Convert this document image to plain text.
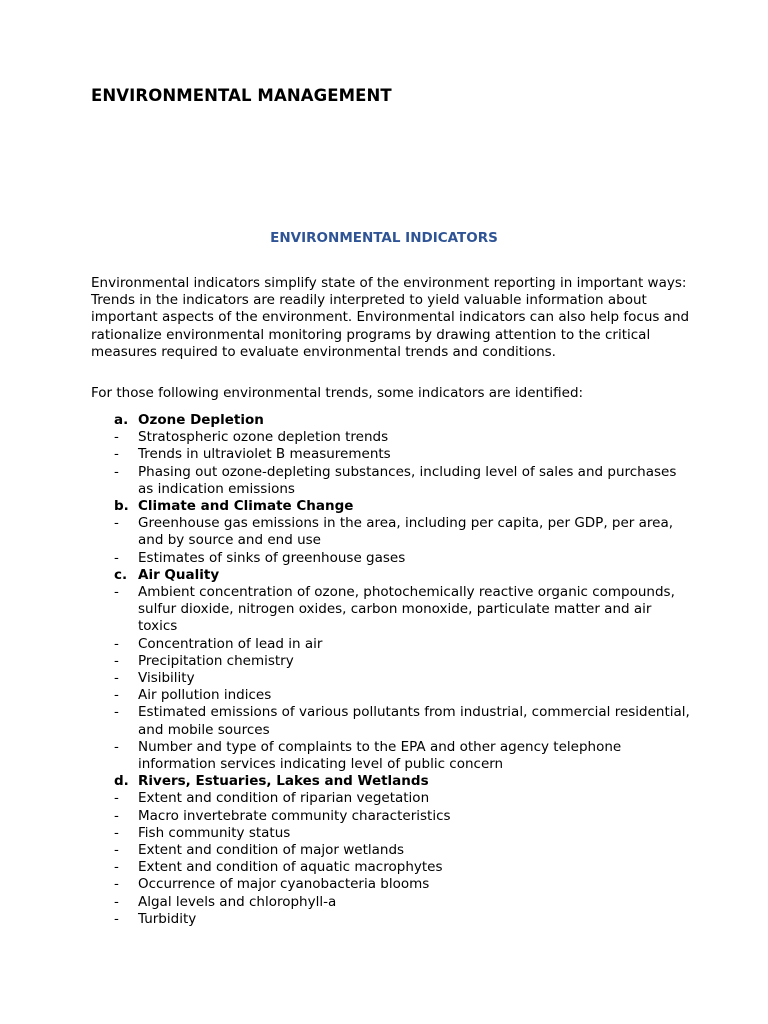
ENVIRONMENTAL MANAGEMENT
ENVIRONMENTAL INDICATORS

Environmental indicators simplify state of the environment reporting in important ways: Trends in the indicators are readily interpreted to yield valuable information about important aspects of the environment. Environmental indicators can also help focus and rationalize environmental monitoring programs by drawing attention to the critical measures required to evaluate environmental trends and conditions.

For those following environmental trends, some indicators are identified:

a. Ozone Depletion
- Stratospheric ozone depletion trends
- Trends in ultraviolet B measurements
- Phasing out ozone-depleting substances, including level of sales and purchases as indication emissions
b. Climate and Climate Change
- Greenhouse gas emissions in the area, including per capita, per GDP, per area, and by source and end use
- Estimates of sinks of greenhouse gases
c. Air Quality
- Ambient concentration of ozone, photochemically reactive organic compounds, sulfur dioxide, nitrogen oxides, carbon monoxide, particulate matter and air toxics
- Concentration of lead in air
- Precipitation chemistry
- Visibility
- Air pollution indices
- Estimated emissions of various pollutants from industrial, commercial residential, and mobile sources
- Number and type of complaints to the EPA and other agency telephone information services indicating level of public concern
d. Rivers, Estuaries, Lakes and Wetlands
- Extent and condition of riparian vegetation
- Macro invertebrate community characteristics
- Fish community status
- Extent and condition of major wetlands
- Extent and condition of aquatic macrophytes
- Occurrence of major cyanobacteria blooms
- Algal levels and chlorophyll-a
- Turbidity
